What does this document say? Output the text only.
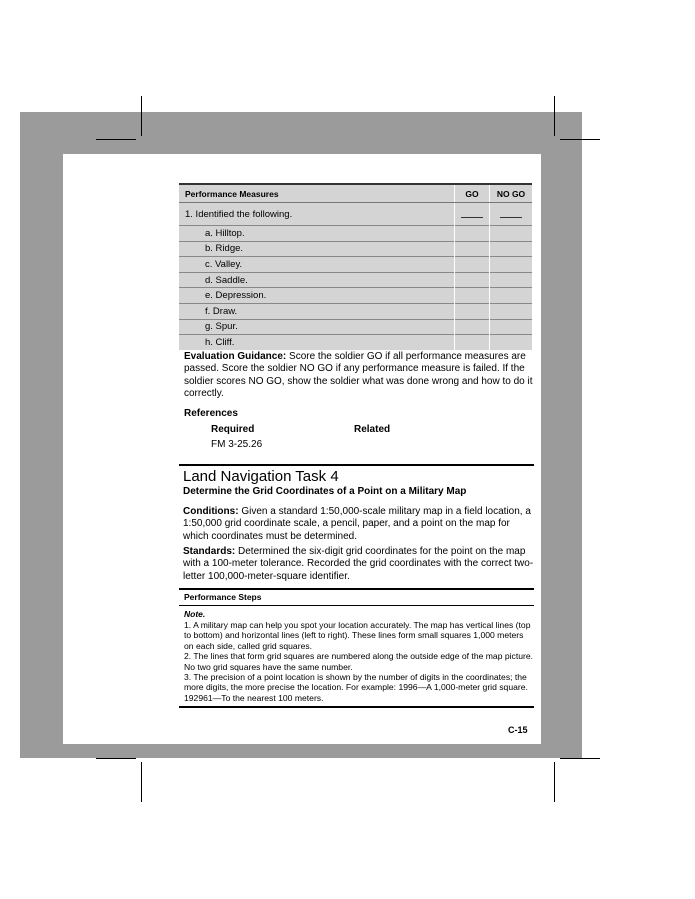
Performance Measures	GO	NO GO
1. Identified the following.		
a. Hilltop.		
b. Ridge.		
c. Valley.		
d. Saddle.		
e. Depression.		
f. Draw.		
g. Spur.		
h. Cliff.		
Evaluation Guidance: Score the soldier GO if all performance measures are passed. Score the soldier NO GO if any performance measure is failed. If the soldier scores NO GO, show the soldier what was done wrong and how to do it correctly.
References
Required	Related
FM 3-25.26
Land Navigation Task 4
Determine the Grid Coordinates of a Point on a Military Map
Conditions: Given a standard 1:50,000-scale military map in a field location, a 1:50,000 grid coordinate scale, a pencil, paper, and a point on the map for which coordinates must be determined.
Standards: Determined the six-digit grid coordinates for the point on the map with a 100-meter tolerance. Recorded the grid coordinates with the correct two-letter 100,000-meter-square identifier.
Performance Steps
Note.
1. A military map can help you spot your location accurately. The map has vertical lines (top to bottom) and horizontal lines (left to right). These lines form small squares 1,000 meters on each side, called grid squares.
2. The lines that form grid squares are numbered along the outside edge of the map picture. No two grid squares have the same number.
3. The precision of a point location is shown by the number of digits in the coordinates; the more digits, the more precise the location. For example: 1996—A 1,000-meter grid square. 192961—To the nearest 100 meters.
C-15
